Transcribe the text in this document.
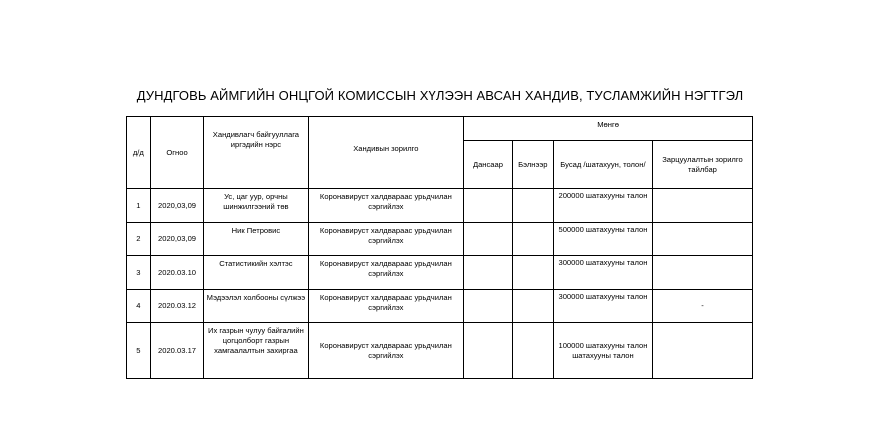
ДУНДГОВЬ АЙМГИЙН ОНЦГОЙ КОМИССЫН ХҮЛЭЭН АВСАН ХАНДИВ, ТУСЛАМЖИЙН НЭГТГЭЛ
д/д	Огноо	Хандивлагч байгууллага иргэдийн нэрс	Хандивын зорилго	Мөнгө			
				Дансаар	Бэлнээр	Бусад /шатахуун, толон/	Зарцуулалтын зорилго тайлбар
1	2020,03,09	Ус, цаг уур, орчны шинжилгээний төв	Коронавируст халдвараас урьдчилан сэргийлэх			200000 шатахууны талон	
2	2020,03,09	Ник Петровис	Коронавируст халдвараас урьдчилан сэргийлэх			500000 шатахууны талон	
3	2020.03.10	Статистикийн хэлтэс	Коронавируст халдвараас урьдчилан сэргийлэх			300000 шатахууны талон	
4	2020.03.12	Мэдээлэл холбооны сүлжээ	Коронавируст халдвараас урьдчилан сэргийлэх			300000 шатахууны талон	-
5	2020.03.17	Их газрын чулуу байгалийн цогцолборт газрын хамгаалалтын захиргаа	Коронавируст халдвараас урьдчилан сэргийлэх			100000 шатахууны талон шатахууны талон	
